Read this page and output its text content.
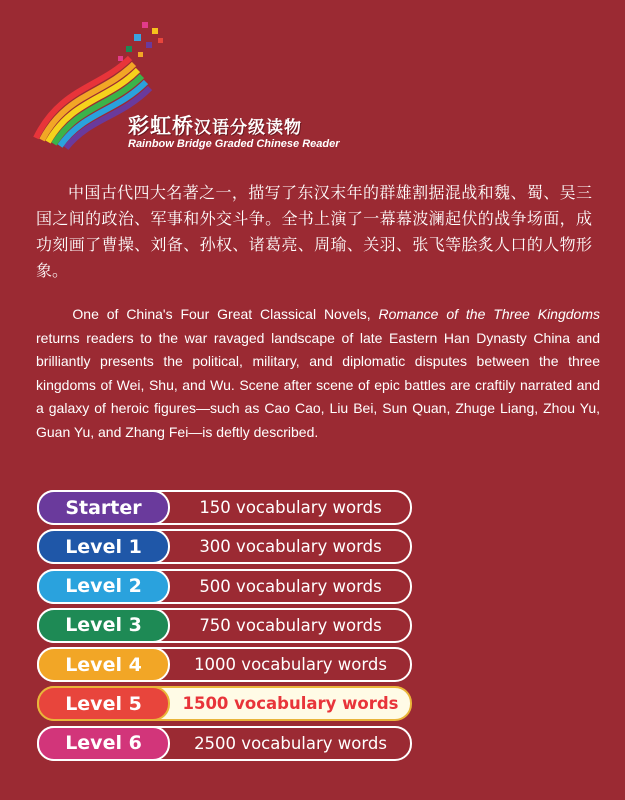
彩虹桥汉语分级读物
Rainbow Bridge Graded Chinese Reader

中国古代四大名著之一，描写了东汉末年的群雄割据混战和魏、蜀、吴三国之间的政治、军事和外交斗争。全书上演了一幕幕波澜起伏的战争场面，成功刻画了曹操、刘备、孙权、诸葛亮、周瑜、关羽、张飞等脍炙人口的人物形象。

One of China's Four Great Classical Novels, Romance of the Three Kingdoms returns readers to the war ravaged landscape of late Eastern Han Dynasty China and brilliantly presents the political, military, and diplomatic disputes between the three kingdoms of Wei, Shu, and Wu. Scene after scene of epic battles are craftily narrated and a galaxy of heroic figures—such as Cao Cao, Liu Bei, Sun Quan, Zhuge Liang, Zhou Yu, Guan Yu, and Zhang Fei—is deftly described.

Starter	150 vocabulary words
Level 1	300 vocabulary words
Level 2	500 vocabulary words
Level 3	750 vocabulary words
Level 4	1000 vocabulary words
Level 5	1500 vocabulary words
Level 6	2500 vocabulary words
